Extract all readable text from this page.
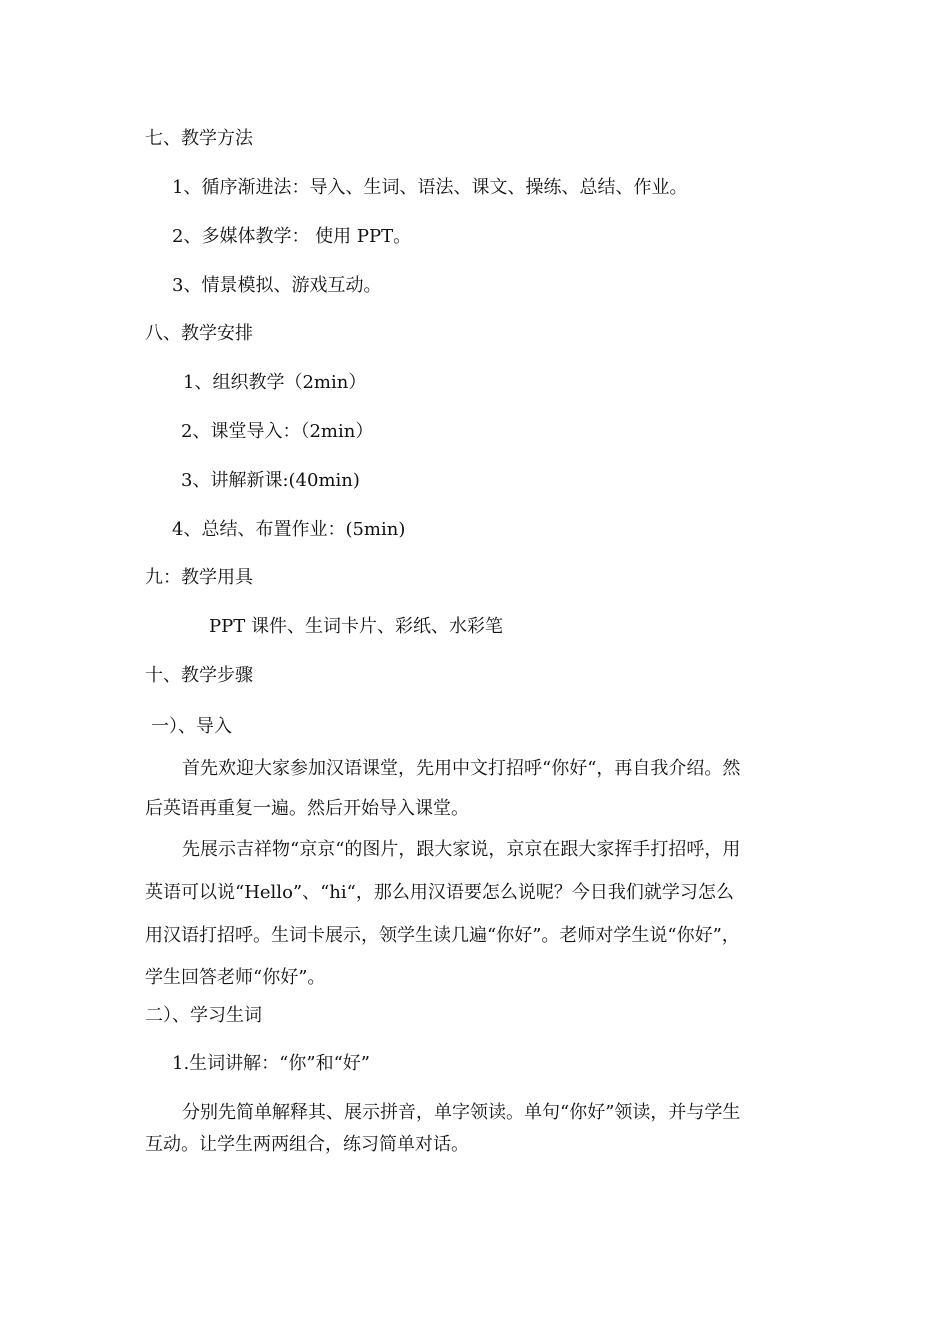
七、教学方法
1、循序渐进法：导入、生词、语法、课文、操练、总结、作业。
2、多媒体教学： 使用 PPT。
3、情景模拟、游戏互动。
八、教学安排
1、组织教学（2min）
2、课堂导入：（2min）
3、讲解新课:(40min)
4、总结、布置作业：(5min)
九：教学用具
PPT 课件、生词卡片、彩纸、水彩笔
十、教学步骤
一）、导入
首先欢迎大家参加汉语课堂，先用中文打招呼“你好“，再自我介绍。然
后英语再重复一遍。然后开始导入课堂。
先展示吉祥物“京京“的图片，跟大家说，京京在跟大家挥手打招呼，用
英语可以说“Hello”、“hi“，那么用汉语要怎么说呢？今日我们就学习怎么
用汉语打招呼。生词卡展示，领学生读几遍“你好”。老师对学生说“你好”，
学生回答老师“你好”。
二）、学习生词
1.生词讲解：“你”和“好”
分别先简单解释其、展示拼音，单字领读。单句“你好”领读，并与学生
互动。让学生两两组合，练习简单对话。
